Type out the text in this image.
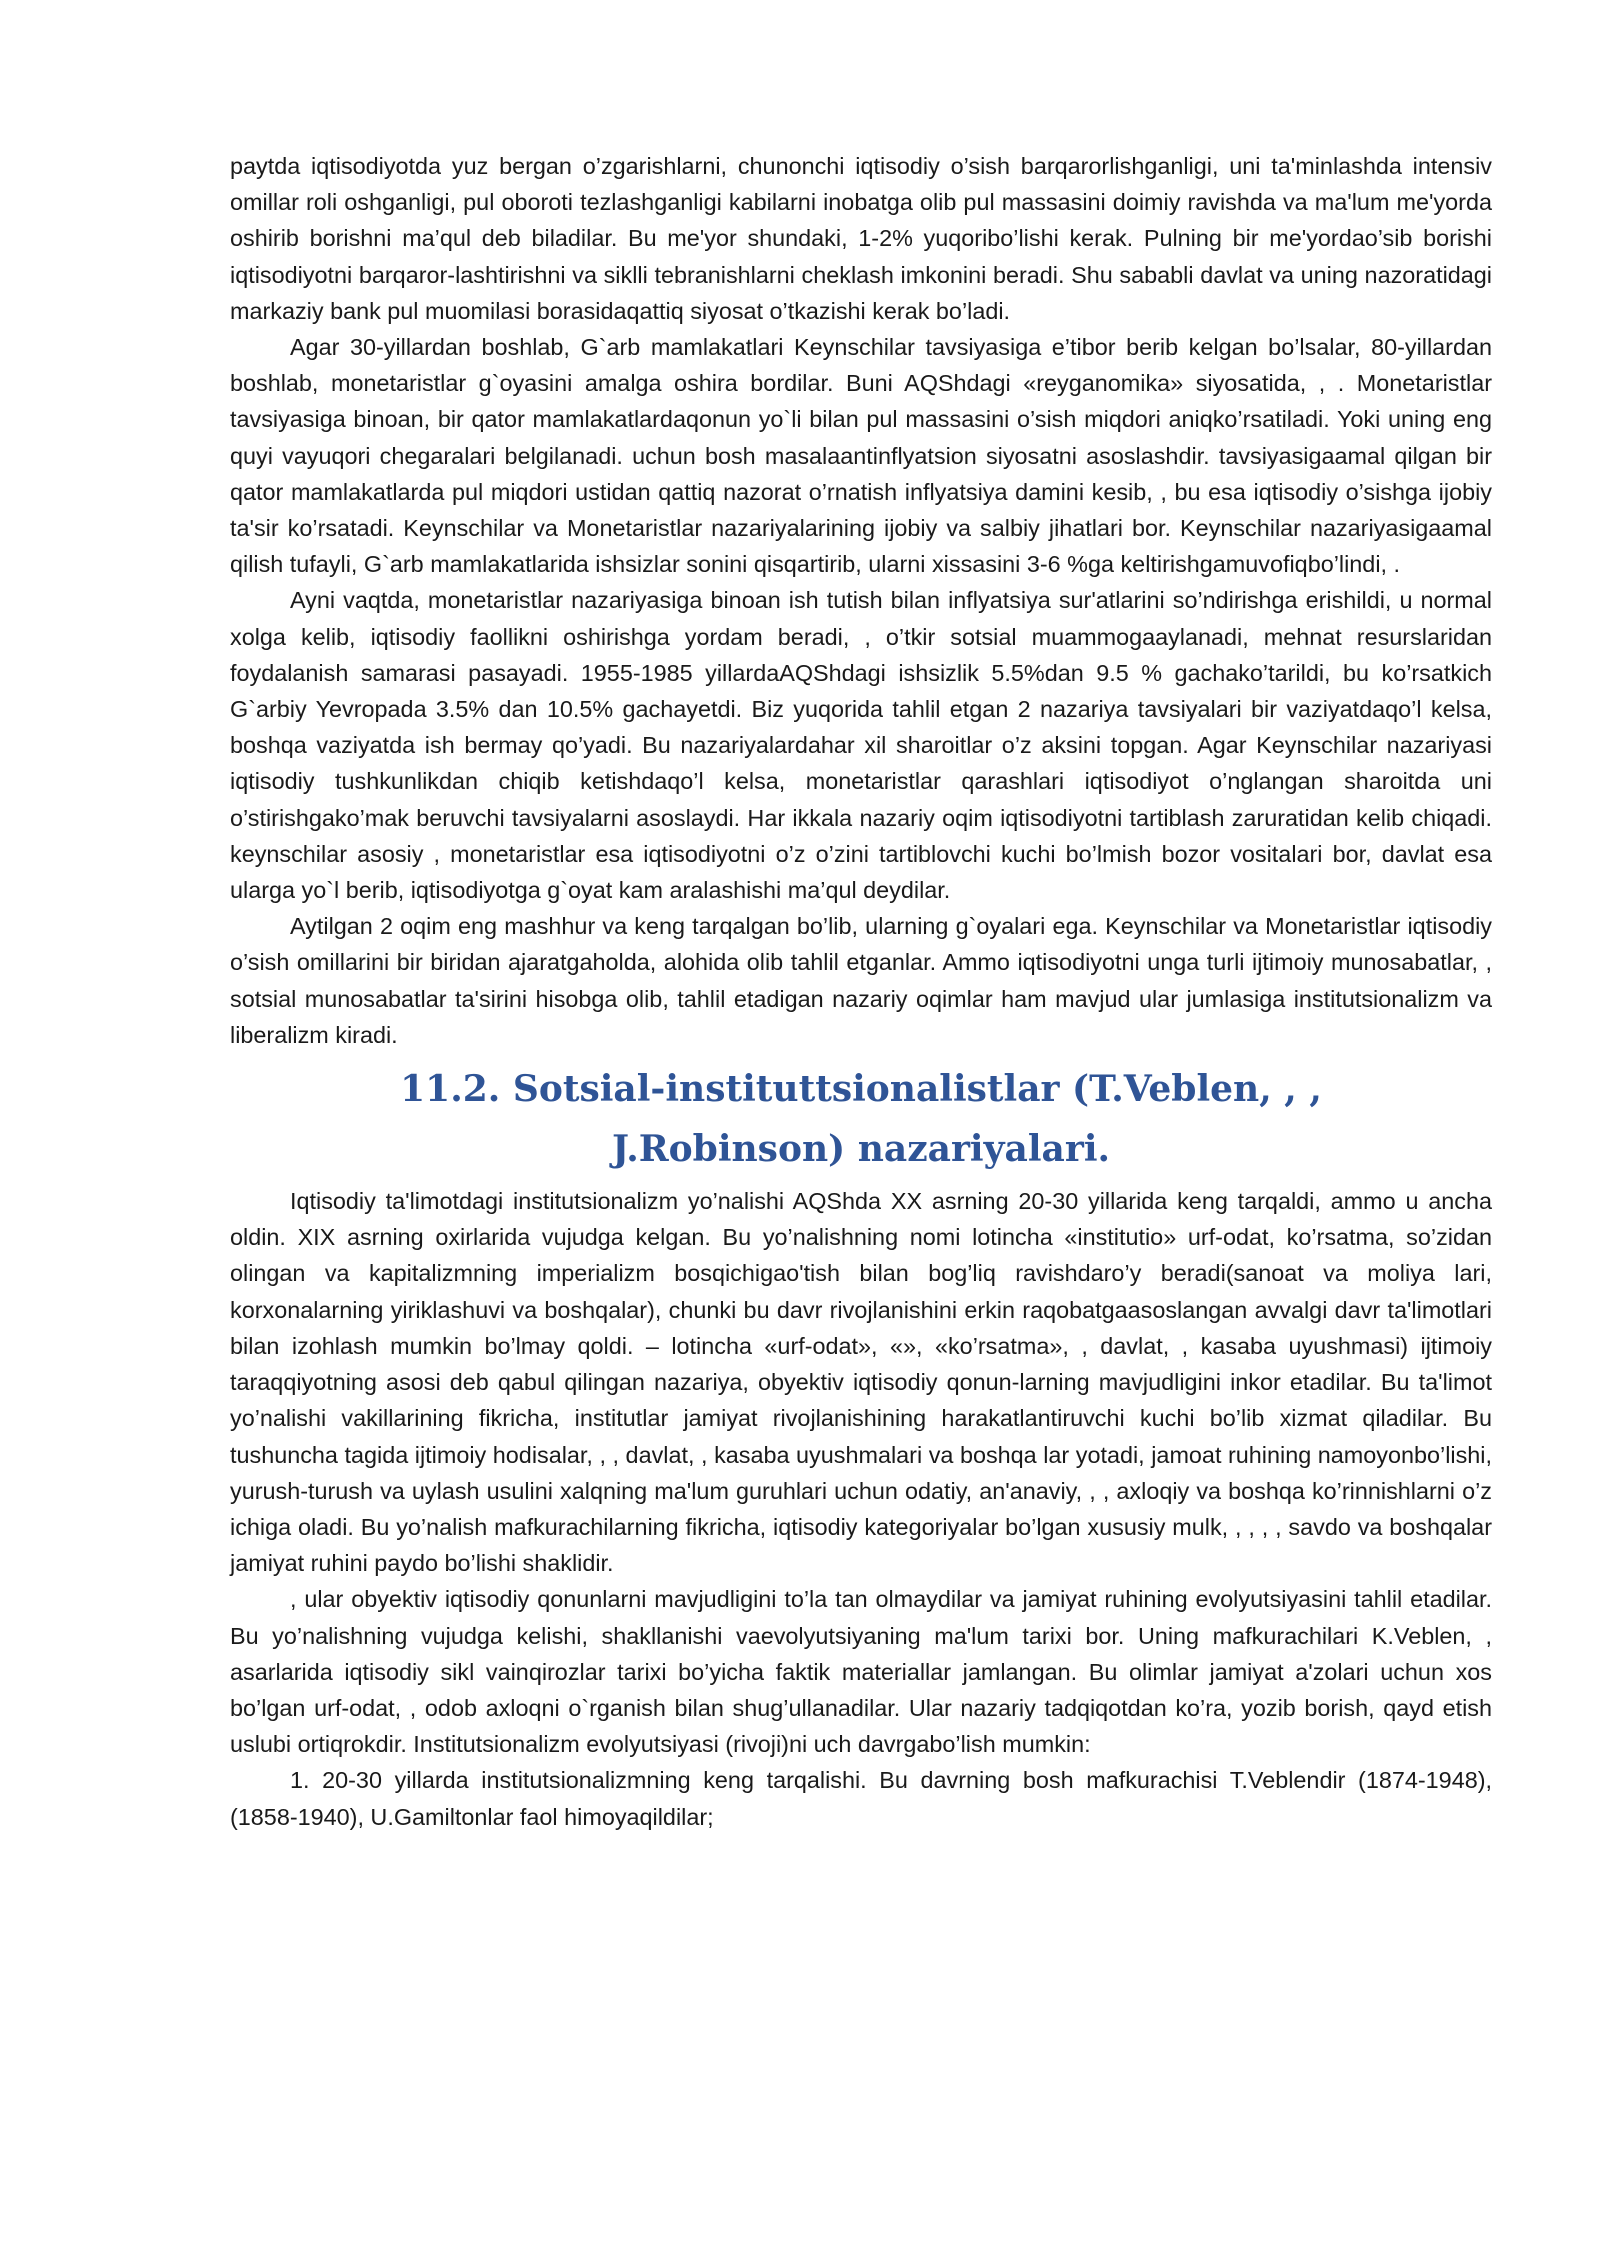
paytda iqtisodiyotda yuz bergan o’zgarishlarni, chunonchi iqtisodiy o’sish barqarorlishganligi, uni ta'minlashda intensiv omillar roli oshganligi, pul oboroti tezlashganligi kabilarni inobatga olib pul massasini doimiy ravishda va ma'lum me'yorda oshirib borishni ma’qul deb biladilar. Bu me'yor shundaki, 1-2% yuqoribo’lishi kerak. Pulning bir me'yordao’sib borishi iqtisodiyotni barqaror-lashtirishni va siklli tebranishlarni cheklash imkonini beradi. Shu sababli davlat va uning nazoratidagi markaziy bank pul muomilasi borasidaqattiq siyosat o’tkazishi kerak bo’ladi.

Agar 30-yillardan boshlab, G`arb mamlakatlari Keynschilar tavsiyasiga e’tibor berib kelgan bo’lsalar, 80-yillardan boshlab, monetaristlar g`oyasini amalga oshira bordilar. Buni AQShdagi «reyganomika» siyosatida, , . Monetaristlar tavsiyasiga binoan, bir qator mamlakatlardaqonun yo`li bilan pul massasini o’sish miqdori aniqko’rsatiladi. Yoki uning eng quyi vayuqori chegaralari belgilanadi. uchun bosh masalaantinflyatsion siyosatni asoslashdir. tavsiyasigaamal qilgan bir qator mamlakatlarda pul miqdori ustidan qattiq nazorat o’rnatish inflyatsiya damini kesib, , bu esa iqtisodiy o’sishga ijobiy ta'sir ko’rsatadi. Keynschilar va Monetaristlar nazariyalarining ijobiy va salbiy jihatlari bor. Keynschilar nazariyasigaamal qilish tufayli, G`arb mamlakatlarida ishsizlar sonini qisqartirib, ularni xissasini 3-6 %ga keltirishgamuvofiqbo’lindi, .

Ayni vaqtda, monetaristlar nazariyasiga binoan ish tutish bilan inflyatsiya sur'atlarini so’ndirishga erishildi, u normal xolga kelib, iqtisodiy faollikni oshirishga yordam beradi, , o’tkir sotsial muammogaaylanadi, mehnat resurslaridan foydalanish samarasi pasayadi. 1955-1985 yillardaAQShdagi ishsizlik 5.5%dan 9.5 % gachako’tarildi, bu ko’rsatkich G`arbiy Yevropada 3.5% dan 10.5% gachayetdi. Biz yuqorida tahlil etgan 2 nazariya tavsiyalari bir vaziyatdaqo’l kelsa, boshqa vaziyatda ish bermay qo’yadi. Bu nazariyalardahar xil sharoitlar o’z aksini topgan. Agar Keynschilar nazariyasi iqtisodiy tushkunlikdan chiqib ketishdaqo’l kelsa, monetaristlar qarashlari iqtisodiyot o’nglangan sharoitda uni o’stirishgako’mak beruvchi tavsiyalarni asoslaydi. Har ikkala nazariy oqim iqtisodiyotni tartiblash zaruratidan kelib chiqadi. keynschilar asosiy , monetaristlar esa iqtisodiyotni o’z o’zini tartiblovchi kuchi bo’lmish bozor vositalari bor, davlat esa ularga yo`l berib, iqtisodiyotga g`oyat kam aralashishi ma’qul deydilar.

Aytilgan 2 oqim eng mashhur va keng tarqalgan bo’lib, ularning g`oyalari ega. Keynschilar va Monetaristlar iqtisodiy o’sish omillarini bir biridan ajaratgaholda, alohida olib tahlil etganlar. Ammo iqtisodiyotni unga turli ijtimoiy munosabatlar, , sotsial munosabatlar ta'sirini hisobga olib, tahlil etadigan nazariy oqimlar ham mavjud ular jumlasiga institutsionalizm va liberalizm kiradi.

11.2. Sotsial-instituttsionalistlar (T.Veblen, , , J.Robinson) nazariyalari.

Iqtisodiy ta'limotdagi institutsionalizm yo’nalishi AQShda XX asrning 20-30 yillarida keng tarqaldi, ammo u ancha oldin. XIX asrning oxirlarida vujudga kelgan. Bu yo’nalishning nomi lotincha «institutio» urf-odat, ko’rsatma, so’zidan olingan va kapitalizmning imperializm bosqichigao'tish bilan bog’liq ravishdaro’y beradi(sanoat va moliya lari, korxonalarning yiriklashuvi va boshqalar), chunki bu davr rivojlanishini erkin raqobatgaasoslangan avvalgi davr ta'limotlari bilan izohlash mumkin bo’lmay qoldi. – lotincha «urf-odat», «», «ko’rsatma», , davlat, , kasaba uyushmasi) ijtimoiy taraqqiyotning asosi deb qabul qilingan nazariya, obyektiv iqtisodiy qonun-larning mavjudligini inkor etadilar. Bu ta'limot yo’nalishi vakillarining fikricha, institutlar jamiyat rivojlanishining harakatlantiruvchi kuchi bo’lib xizmat qiladilar. Bu tushuncha tagida ijtimoiy hodisalar, , , davlat, , kasaba uyushmalari va boshqa lar yotadi, jamoat ruhining namoyonbo’lishi, yurush-turush va uylash usulini xalqning ma'lum guruhlari uchun odatiy, an'anaviy, , , axloqiy va boshqa ko’rinnishlarni o’z ichiga oladi. Bu yo’nalish mafkurachilarning fikricha, iqtisodiy kategoriyalar bo’lgan xususiy mulk, , , , , savdo va boshqalar jamiyat ruhini paydo bo’lishi shaklidir.

, ular obyektiv iqtisodiy qonunlarni mavjudligini to’la tan olmaydilar va jamiyat ruhining evolyutsiyasini tahlil etadilar. Bu yo’nalishning vujudga kelishi, shakllanishi vaevolyutsiyaning ma'lum tarixi bor. Uning mafkurachilari K.Veblen, , asarlarida iqtisodiy sikl vainqirozlar tarixi bo’yicha faktik materiallar jamlangan. Bu olimlar jamiyat a'zolari uchun xos bo’lgan urf-odat, , odob axloqni o`rganish bilan shug’ullanadilar. Ular nazariy tadqiqotdan ko’ra, yozib borish, qayd etish uslubi ortiqrokdir. Institutsionalizm evolyutsiyasi (rivoji)ni uch davrgabo’lish mumkin:

1. 20-30 yillarda institutsionalizmning keng tarqalishi. Bu davrning bosh mafkurachisi T.Veblendir (1874-1948), (1858-1940), U.Gamiltonlar faol himoyaqildilar;
